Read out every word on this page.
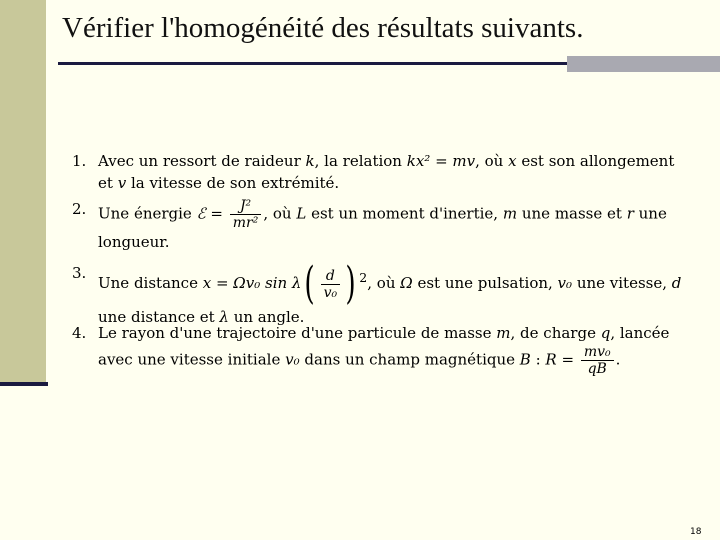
Vérifier l'homogénéité des résultats suivants.
1. Avec un ressort de raideur k, la relation kx² = mv, où x est son allongement
et v la vitesse de son extrémité.
2. Une énergie ℰ = $\frac{\text{J²}}{\text{mr²}}$ , où L est un moment d'inertie, m une masse et r une
longueur.
3.
Une distance x = Ωv₀ $\sin \lambda( \frac{d}{\text{v₀}}$ ) $^2$, où Ω est une pulsation, v₀ une vitesse, d
une distance et λ un angle.
4. Le rayon d'une trajectoire d'une particule de masse m, de charge q, lancée
avec une vitesse initiale v₀ dans un champ magnétique B : $R = \frac{\text{mv₀}}{qB}$ .
18
